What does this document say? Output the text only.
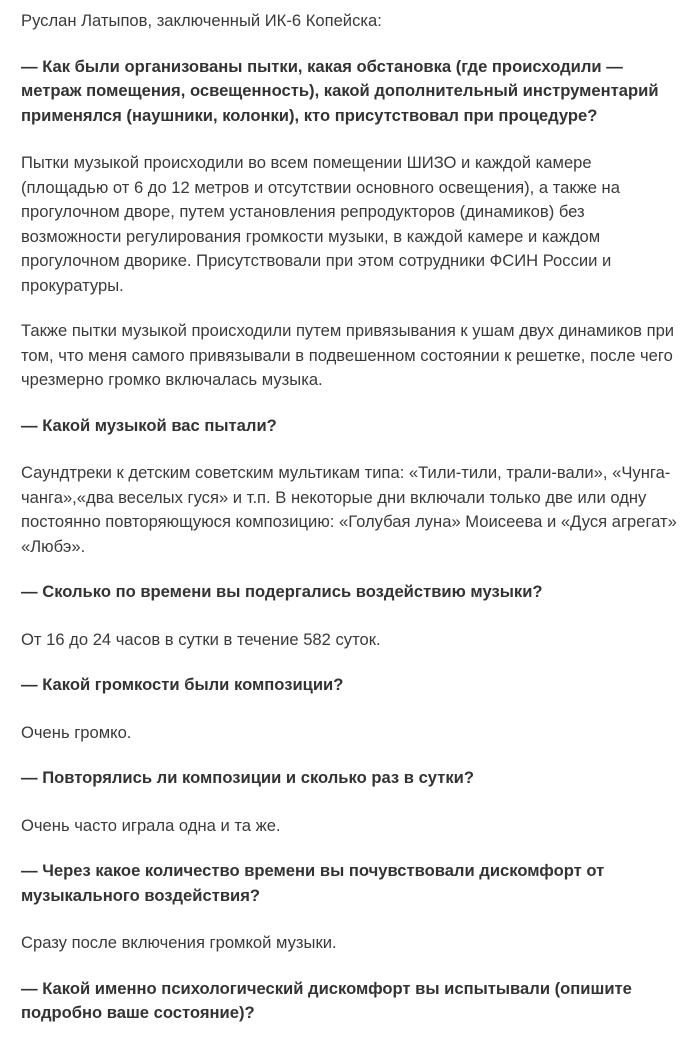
Руслан Латыпов, заключенный ИК-6 Копейска:

— Как были организованы пытки, какая обстановка (где происходили — метраж помещения, освещенность), какой дополнительный инструментарий применялся (наушники, колонки), кто присутствовал при процедуре?

Пытки музыкой происходили во всем помещении ШИЗО и каждой камере (площадью от 6 до 12 метров и отсутствии основного освещения), а также на прогулочном дворе, путем установления репродукторов (динамиков) без возможности регулирования громкости музыки, в каждой камере и каждом прогулочном дворике. Присутствовали при этом сотрудники ФСИН России и прокуратуры.

Также пытки музыкой происходили путем привязывания к ушам двух динамиков при том, что меня самого привязывали в подвешенном состоянии к решетке, после чего чрезмерно громко включалась музыка.

— Какой музыкой вас пытали?

Саундтреки к детским советским мультикам типа: «Тили-тили, трали-вали», «Чунга-чанга»,«два веселых гуся» и т.п. В некоторые дни включали только две или одну постоянно повторяющуюся композицию: «Голубая луна» Моисеева и «Дуся агрегат» «Любэ».

— Сколько по времени вы подергались воздействию музыки?

От 16 до 24 часов в сутки в течение 582 суток.

— Какой громкости были композиции?

Очень громко.

— Повторялись ли композиции и сколько раз в сутки?

Очень часто играла одна и та же.

— Через какое количество времени вы почувствовали дискомфорт от музыкального воздействия?

Сразу после включения громкой музыки.

— Какой именно психологический дискомфорт вы испытывали (опишите подробно ваше состояние)?
